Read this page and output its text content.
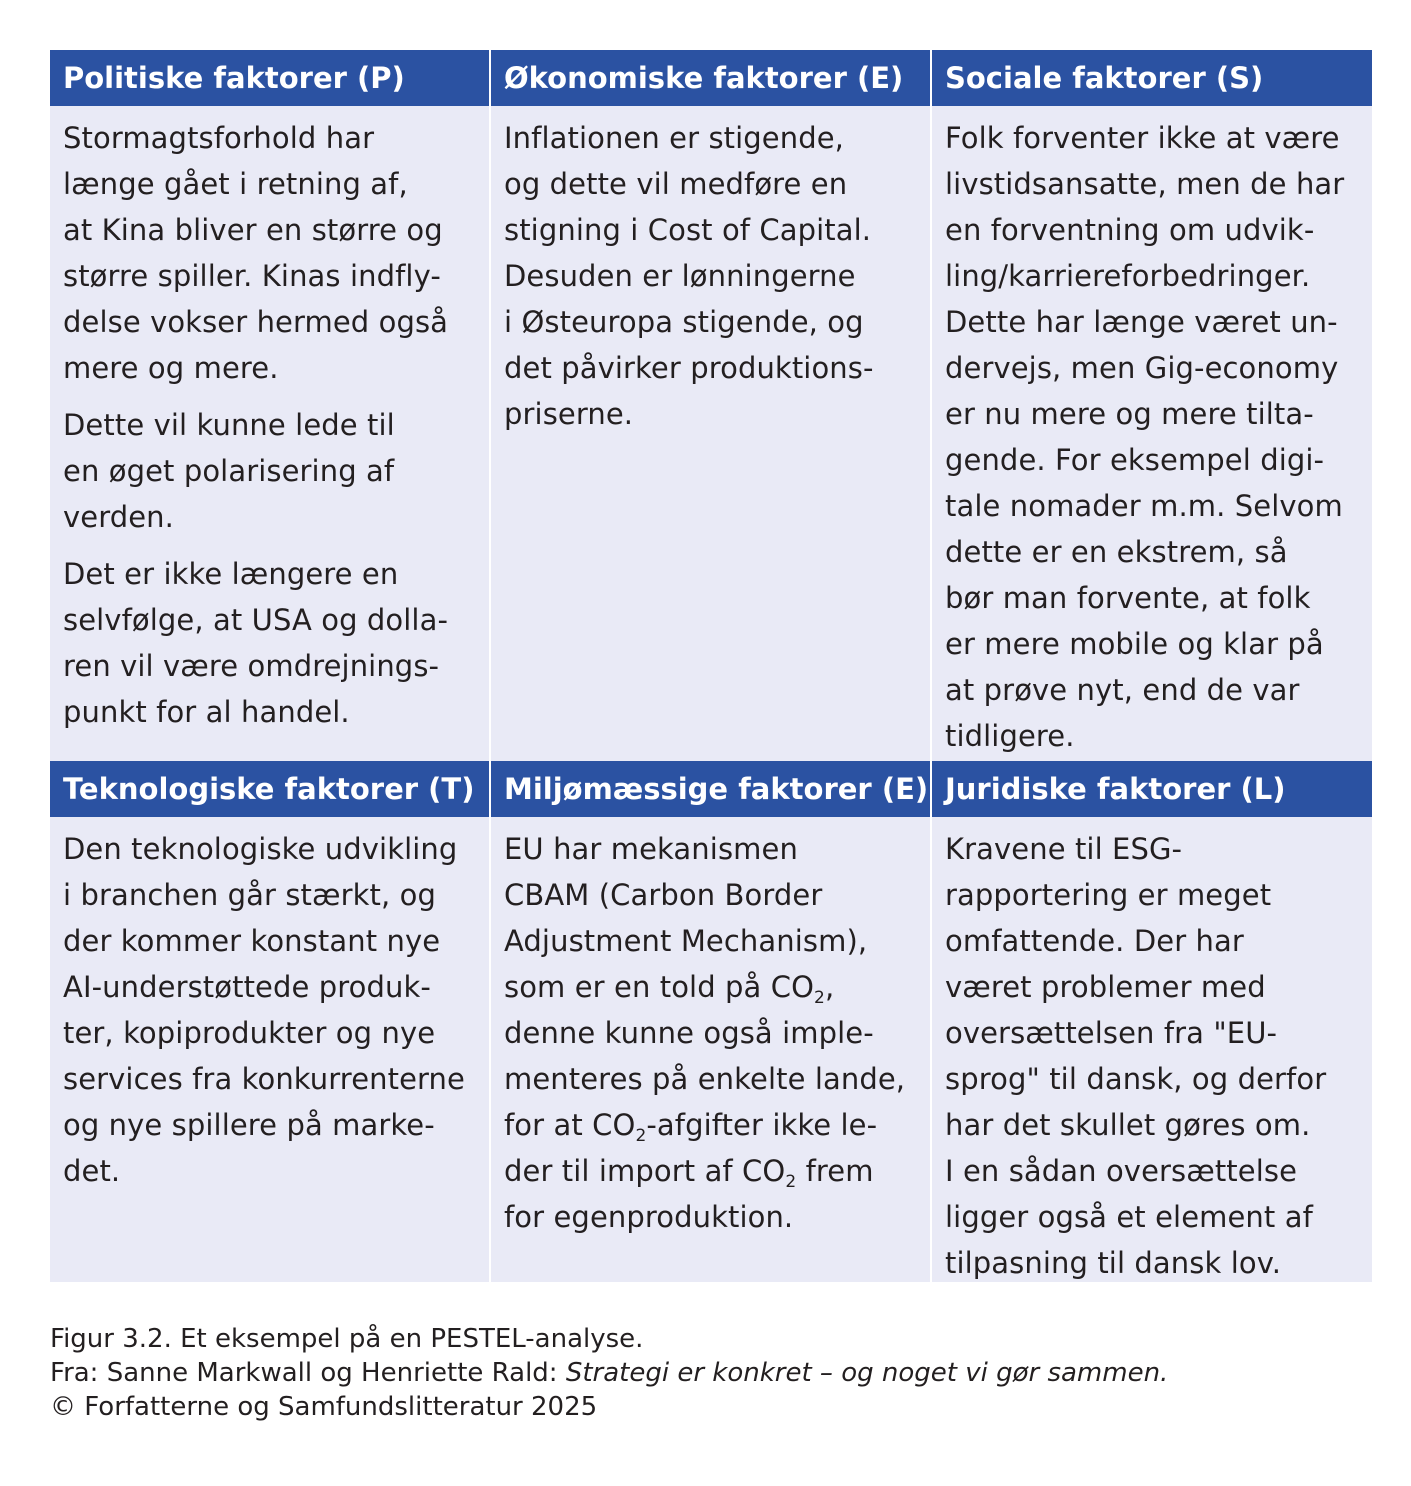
Politiske faktorer (P)	Økonomiske faktorer (E)	Sociale faktorer (S)

Stormagtsforhold har
længe gået i retning af,
at Kina bliver en større og
større spiller. Kinas indfly-
delse vokser hermed også
mere og mere.

Dette vil kunne lede til
en øget polarisering af
verden.

Det er ikke længere en
selvfølge, at USA og dolla-
ren vil være omdrejnings-
punkt for al handel.

Inflationen er stigende,
og dette vil medføre en
stigning i Cost of Capital.
Desuden er lønningerne
i Østeuropa stigende, og
det påvirker produktions-
priserne.

Folk forventer ikke at være
livstidsansatte, men de har
en forventning om udvik-
ling/karriereforbedringer.
Dette har længe været un-
dervejs, men Gig-economy
er nu mere og mere tilta-
gende. For eksempel digi-
tale nomader m.m. Selvom
dette er en ekstrem, så
bør man forvente, at folk
er mere mobile og klar på
at prøve nyt, end de var
tidligere.

Teknologiske faktorer (T)	Miljømæssige faktorer (E) Juridiske faktorer (L)

Den teknologiske udvikling
i branchen går stærkt, og
der kommer konstant nye
AI-understøttede produk-
ter, kopiprodukter og nye
services fra konkurrenterne
og nye spillere på marke-
det.

EU har mekanismen
CBAM (Carbon Border
Adjustment Mechanism),
som er en told på $CO_2$,
denne kunne også imple-
menteres på enkelte lande,
for at $CO_2$-afgifter ikke le-
der til import af $CO_2$ frem
for egenproduktion.

Kravene til ESG-
rapportering er meget
omfattende. Der har
været problemer med
oversættelsen fra "EU-
sprog" til dansk, og derfor
har det skullet gøres om.
I en sådan oversættelse
ligger også et element af
tilpasning til dansk lov.

Figur 3.2. Et eksempel på en PESTEL-analyse.
Fra: Sanne Markwall og Henriette Rald: Strategi er konkret – og noget vi gør sammen.
© Forfatterne og Samfundslitteratur 2025
